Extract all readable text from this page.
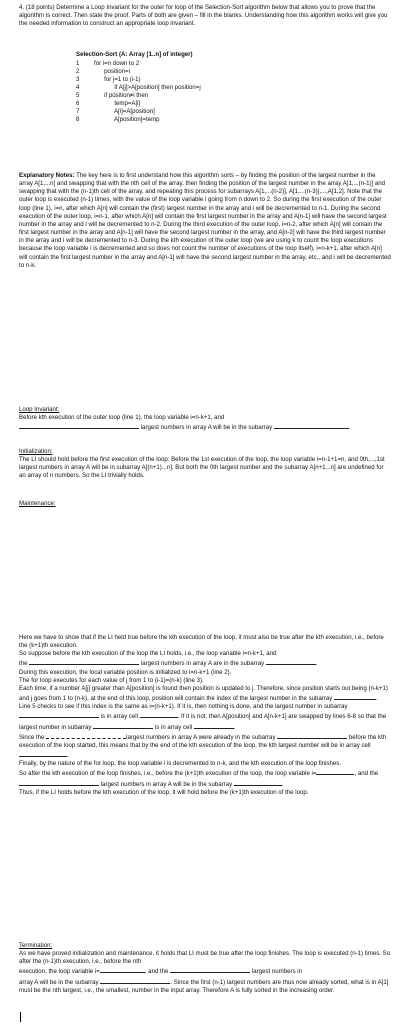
4. (18 points) Determine a Loop Invariant for the outer for loop of the Selection-Sort algorithm below that allows you to prove that the algorithm is correct. Then state the proof. Parts of both are given – fill in the blanks. Understanding how this algorithm works will give you the needed information to construct an appropriate loop invariant.

Selection-Sort (A: Array [1..n] of integer)
1	for i=n down to 2
2	position=i
3	for j=1 to (i-1)
4	if A[j]>A[position] then position=j
5	if position≠i then
6	temp=A[i]
7	A[i]=A[position]
8	A[position]=temp

Explanatory Notes: The key here is to first understand how this algorithm sorts – by finding the position of the largest number in the array A[1,...n] and swapping that with the nth cell of the array, then finding the position of the largest number in the array A[1,...(n-1)] and swapping that with the (n-1)th cell of the array, and repeating this process for subarrays A[1,...(n-2)], A[1,...(n-3)],...,A[1,2]. Note that the outer loop is executed (n-1) times, with the value of the loop variable i going from n down to 2. So during the first execution of the outer loop (line 1), i=n, after which A[n] will contain the (first) largest number in the array and i will be decremented to n-1. During the second execution of the outer loop, i=n-1, after which A[n] will contain the first largest number in the array and A[n-1] will have the second largest number in the array and i will be decremented to n-2. During the third execution of the outer loop, i=n-2, after which A[n] will contain the first largest number in the array and A[n-1] will have the second largest number in the array, and A[n-2] will have the third largest number in the array and i will be decremented to n-3. During the kth execution of the outer loop (we are using k to count the loop executions because the loop variable i is decremented and so does not count the number of executions of the loop itself), i=n-k+1, after which A[n] will contain the first largest number in the array and A[n-1] will have the second largest number in the array, etc., and i will be decremented to n-k.

Loop Invariant:

Before kth execution of the outer loop (line 1), the loop variable i=n-k+1, and

largest numbers in array A will be in the subarray	.

Initialization:

The LI should hold before the first execution of the loop: Before the 1st execution of the loop, the loop variable i=n-1+1=n, and 0th,...,1st largest numbers in array A will be in subarray A[(n+1)...n]. But both the 0th largest number and the subarray A[n+1...n] are undefined for an array of n numbers. So the LI trivially holds.

Maintenance:

Here we have to show that if the LI held true before the kth execution of the loop, it must also be true after the kth execution, i.e., before the (k+1)th execution.

So suppose before the kth execution of the loop the LI holds, i.e., the loop variable i=n-k+1, and

the	largest numbers in array A are in the subarray	.

During this execution, the local variable position is initialized to i=n-k+1 (line 2).

The for loop executes for each value of j from 1 to (i-1)=(n-k) (line 3).

Each time, if a number A[j] greater than A[position] is found then position is updated to j. Therefore, since position starts out being (n-k+1) and j goes from 1 to (n-k), at the end of this loop, position will contain the index of the largest number in the subarray	.

Line 5 checks to see if this index is the same as i=(n-k+1). If it is, then nothing is done, and the largest number in subarray  is in array cell	. If it is not, then A[position] and A[n-k+1] are swapped by lines 6-8 so that the largest number in subarray	is in array cell	.

Since the	largest numbers in array A were already in the subarray	before the kth execution of the loop started, this means that by the end of the kth execution of the loop, the kth largest number will be in array cell .

Finally, by the nature of the for loop, the loop variable i is decremented to n-k, and the kth execution of the loop finishes.

So after the kth execution of the loop finishes, i.e., before the (k+1)th execution of the loop, the loop variable i=	, and the  largest numbers in array A will be in the subarray	.

Thus, if the LI holds before the kth execution of the loop, it will hold before the (k+1)th execution of the loop.

Termination:

As we have proved initialization and maintenance, it holds that LI must be true after the loop finishes. The loop is executed (n-1) times. So after the (n-1)th execution, i.e., before the nth

execution, the loop variable i=	, and the	largest numbers in

array A will be in the subarray	. Since the first (n-1) largest numbers are thus now already sorted, what is in A[1] must be the nth largest, i.e., the smallest, number in the input array. Therefore A is fully sorted in the increasing order.
